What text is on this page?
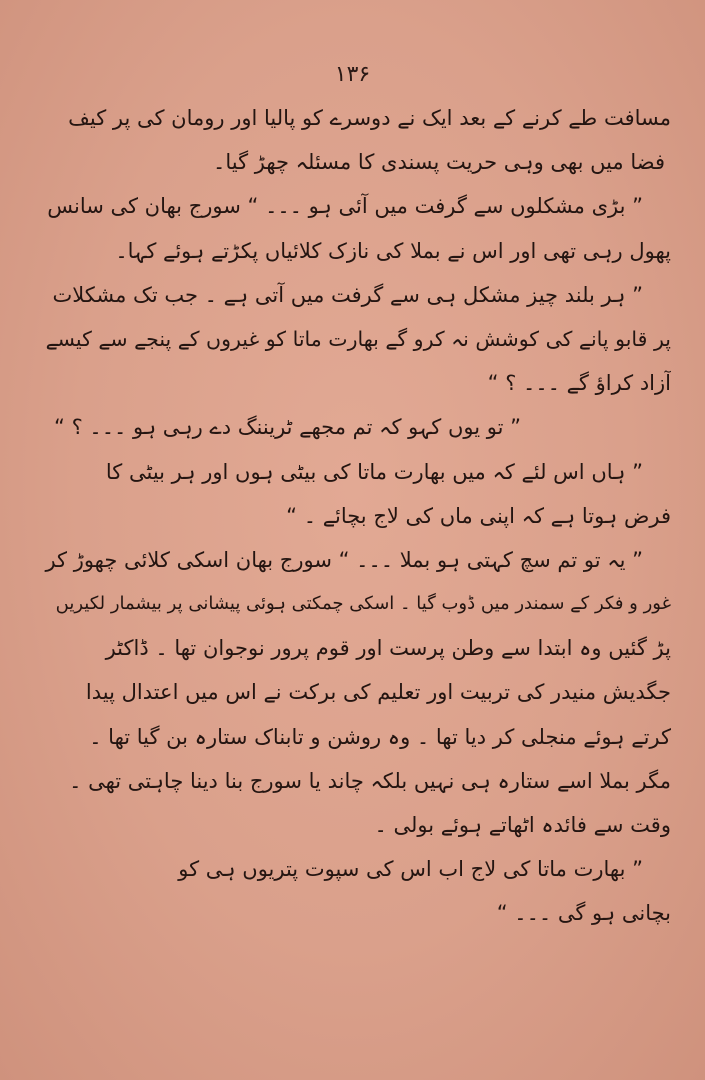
۱۳۶
مسافت طے کرنے کے بعد ایک نے دوسرے کو پالیا اور رومان کی پر کیف
فضا میں بھی وہی حریت پسندی کا مسئلہ چھڑ گیا۔
” بڑی مشکلوں سے گرفت میں آئی ہو ۔۔۔ “ سورج بھان کی سانس
پھول رہی تھی اور اس نے بملا کی نازک کلائیاں پکڑتے ہوئے کہا۔
” ہر بلند چیز مشکل ہی سے گرفت میں آتی ہے ۔ جب تک مشکلات
پر قابو پانے کی کوشش نہ کرو گے بھارت ماتا کو غیروں کے پنجے سے کیسے
آزاد کراؤ گے ۔۔۔ ؟ “
” تو یوں کہو کہ تم مجھے ٹریننگ دے رہی ہو ۔۔۔ ؟ “
” ہاں اس لئے کہ میں بھارت ماتا کی بیٹی ہوں اور ہر بیٹی کا
فرض ہوتا ہے کہ اپنی ماں کی لاج بچائے ۔ “
” یہ تو تم سچ کہتی ہو بملا ۔۔۔ “ سورج بھان اسکی کلائی چھوڑ کر
غور و فکر کے سمندر میں ڈوب گیا ۔ اسکی چمکتی ہوئی پیشانی پر بیشمار لکیریں
پڑ گئیں وہ ابتدا سے وطن پرست اور قوم پرور نوجوان تھا ۔ ڈاکٹر
جگدیش منیدر کی تربیت اور تعلیم کی برکت نے اس میں اعتدال پیدا
کرتے ہوئے منجلی کر دیا تھا ۔ وہ روشن و تابناک ستارہ بن گیا تھا ۔
مگر بملا اسے ستارہ ہی نہیں بلکہ چاند یا سورج بنا دینا چاہتی تھی ۔
وقت سے فائدہ اٹھاتے ہوئے بولی ۔
” بھارت ماتا کی لاج اب اس کی سپوت پتریوں ہی کو
بچانی ہو گی ۔۔۔ “
